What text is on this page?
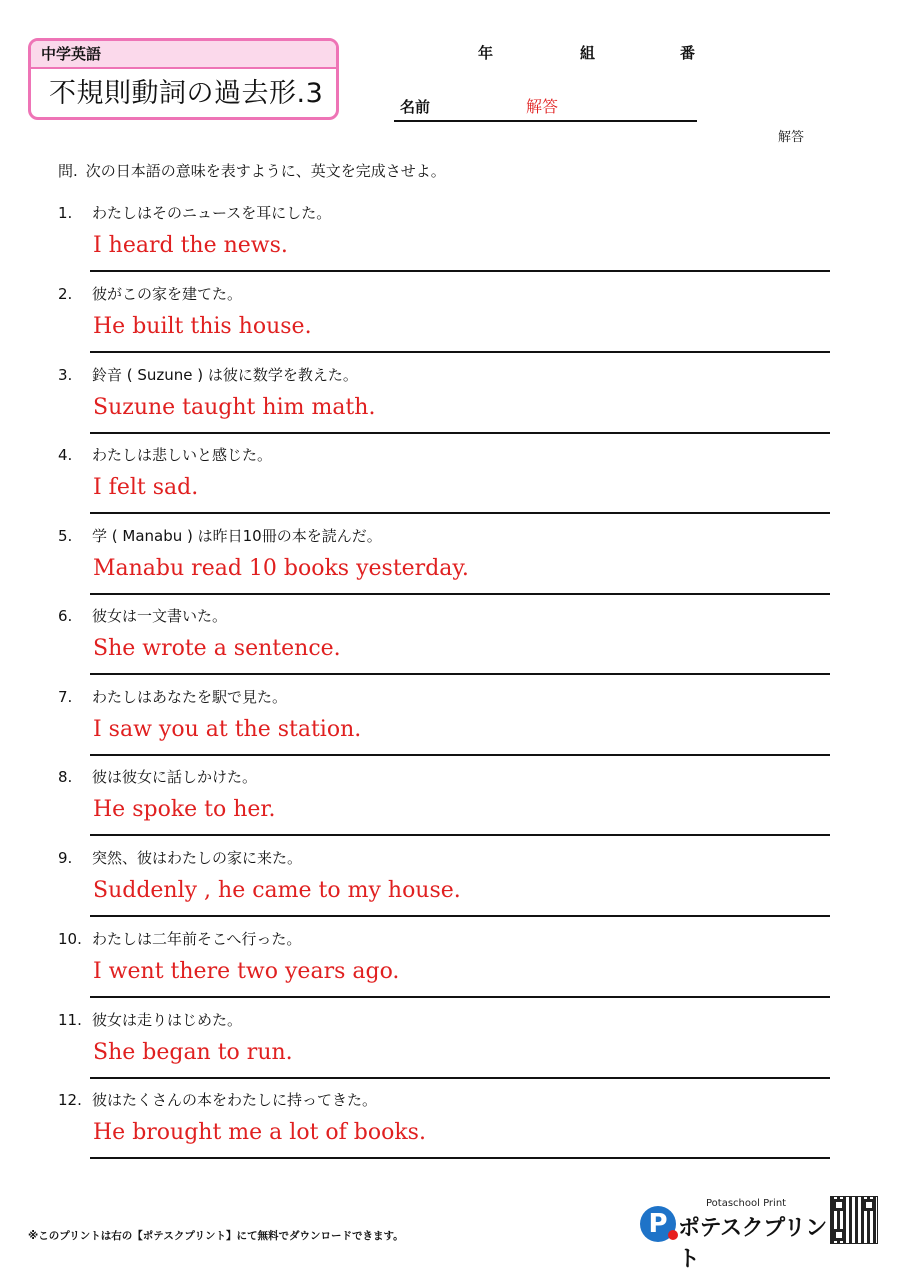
中学英語
不規則動詞の過去形.3
年	組	番
名前	解答
解答
問. 次の日本語の意味を表すように、英文を完成させよ。
1. わたしはそのニュースを耳にした。
I heard the news.
2. 彼がこの家を建てた。
He built this house.
3. 鈴音 ( Suzune ) は彼に数学を教えた。
Suzune taught him math.
4. わたしは悲しいと感じた。
I felt sad.
5. 学 ( Manabu ) は昨日10冊の本を読んだ。
Manabu read 10 books yesterday.
6. 彼女は一文書いた。
She wrote a sentence.
7. わたしはあなたを駅で見た。
I saw you at the station.
8. 彼は彼女に話しかけた。
He spoke to her.
9. 突然、彼はわたしの家に来た。
Suddenly , he came to my house.
10. わたしは二年前そこへ行った。
I went there two years ago.
11. 彼女は走りはじめた。
She began to run.
12. 彼はたくさんの本をわたしに持ってきた。
He brought me a lot of books.
※このプリントは右の【ポテスクプリント】にて無料でダウンロードできます。
Potaschool Print
P ポテスクプリント
